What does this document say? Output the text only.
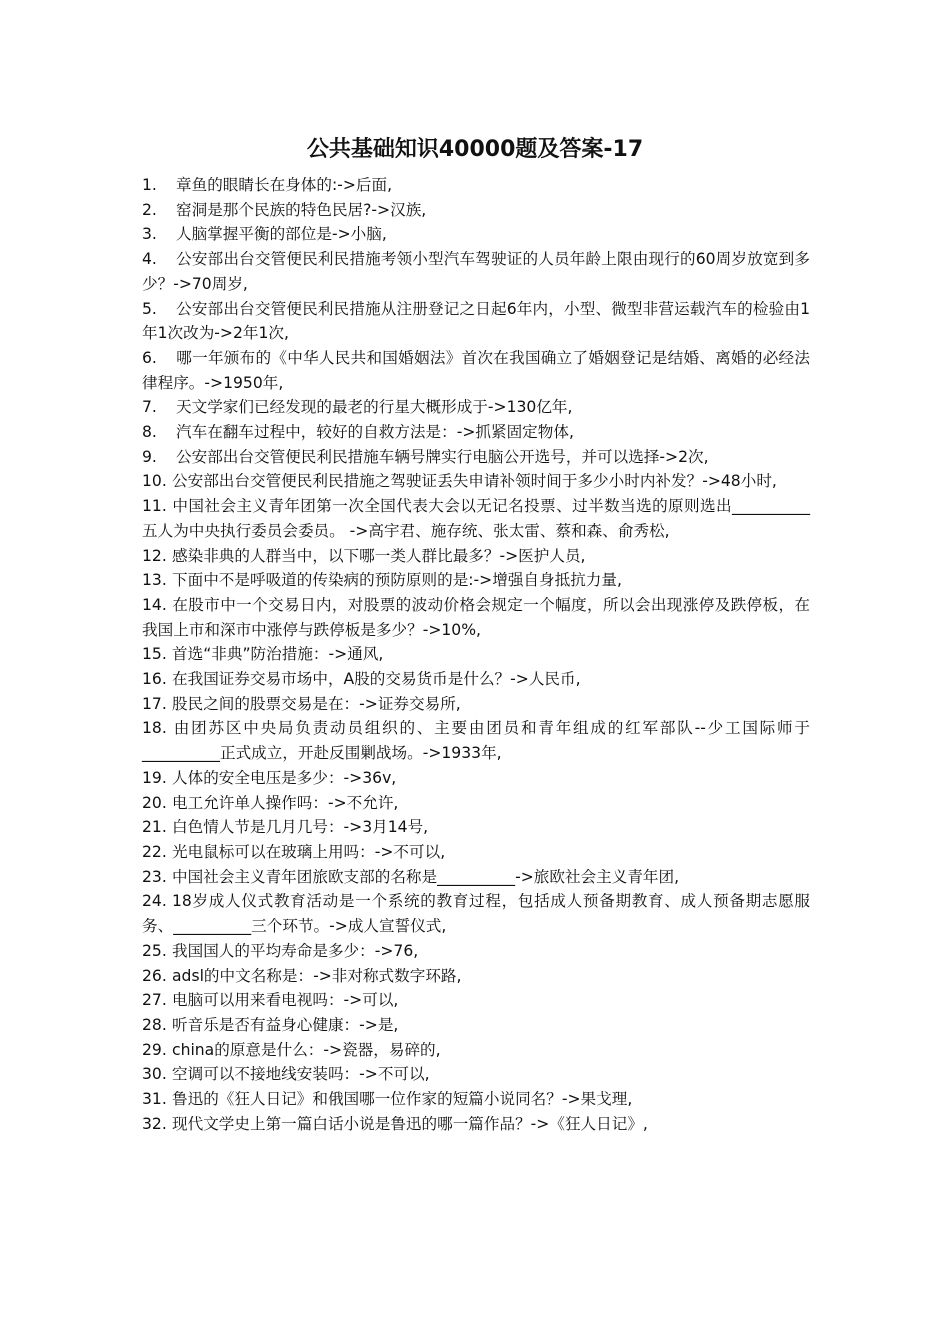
公共基础知识40000题及答案-17

1. 章鱼的眼睛长在身体的:->后面,

2. 窑洞是那个民族的特色民居?->汉族,

3. 人脑掌握平衡的部位是->小脑,

4. 公安部出台交管便民利民措施考领小型汽车驾驶证的人员年龄上限由现行的60周岁放宽到多少？->70周岁,

5. 公安部出台交管便民利民措施从注册登记之日起6年内，小型、微型非营运载汽车的检验由1年1次改为->2年1次,

6. 哪一年颁布的《中华人民共和国婚姻法》首次在我国确立了婚姻登记是结婚、离婚的必经法律程序。->1950年,

7. 天文学家们已经发现的最老的行星大概形成于->130亿年,

8. 汽车在翻车过程中，较好的自救方法是：->抓紧固定物体,

9. 公安部出台交管便民利民措施车辆号牌实行电脑公开选号，并可以选择->2次,

10. 公安部出台交管便民利民措施之驾驶证丢失申请补领时间于多少小时内补发？->48小时,

11. 中国社会主义青年团第一次全国代表大会以无记名投票、过半数当选的原则选出__________五人为中央执行委员会委员。 ->高宇君、施存统、张太雷、蔡和森、俞秀松,

12. 感染非典的人群当中，以下哪一类人群比最多？->医护人员,

13. 下面中不是呼吸道的传染病的预防原则的是:->增强自身抵抗力量,

14. 在股市中一个交易日内，对股票的波动价格会规定一个幅度，所以会出现涨停及跌停板，在我国上市和深市中涨停与跌停板是多少？->10%,

15. 首选“非典”防治措施：->通风,

16. 在我国证券交易市场中，A股的交易货币是什么？->人民币,

17. 股民之间的股票交易是在：->证券交易所,

18. 由团苏区中央局负责动员组织的、主要由团员和青年组成的红军部队--少工国际师于__________正式成立，开赴反围剿战场。->1933年,

19. 人体的安全电压是多少：->36v,

20. 电工允许单人操作吗：->不允许,

21. 白色情人节是几月几号：->3月14号,

22. 光电鼠标可以在玻璃上用吗：->不可以,

23. 中国社会主义青年团旅欧支部的名称是__________->旅欧社会主义青年团,

24. 18岁成人仪式教育活动是一个系统的教育过程，包括成人预备期教育、成人预备期志愿服务、__________三个环节。->成人宣誓仪式,

25. 我国国人的平均寿命是多少：->76,

26. adsl的中文名称是：->非对称式数字环路,

27. 电脑可以用来看电视吗：->可以,

28. 听音乐是否有益身心健康：->是,

29. china的原意是什么：->瓷器，易碎的,

30. 空调可以不接地线安装吗：->不可以,

31. 鲁迅的《狂人日记》和俄国哪一位作家的短篇小说同名？->果戈理,

32. 现代文学史上第一篇白话小说是鲁迅的哪一篇作品？->《狂人日记》,
